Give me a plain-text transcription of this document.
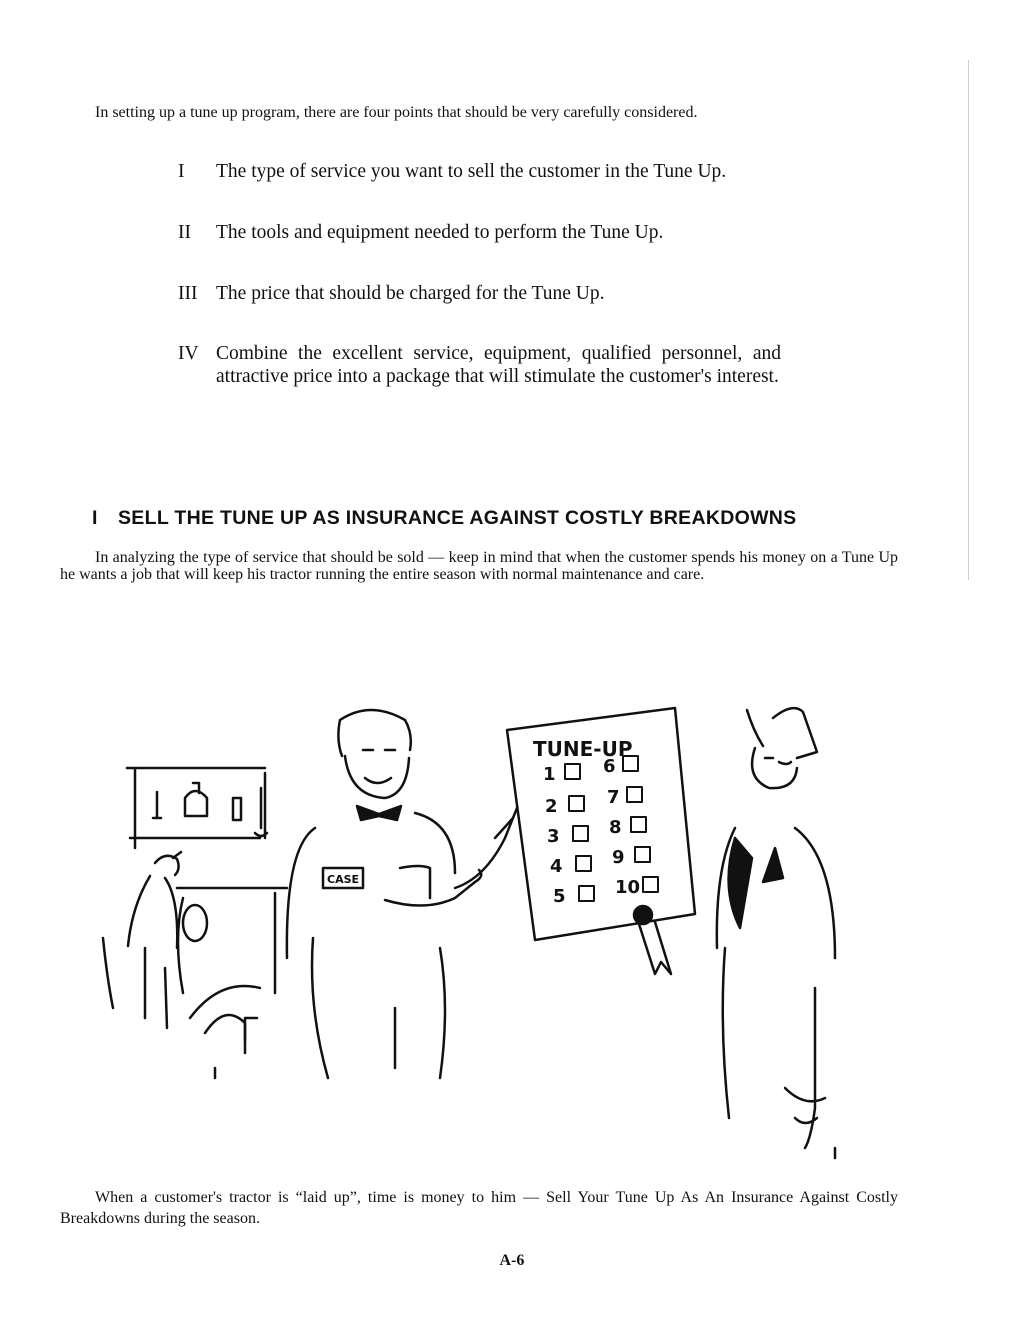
In setting up a tune up program, there are four points that should be very carefully considered.
I	The type of service you want to sell the customer in the Tune Up.
II	The tools and equipment needed to perform the Tune Up.
III The price that should be charged for the Tune Up.
IV Combine the excellent service, equipment, qualified personnel, and attractive price into a package that will stimulate the customer's interest.
I SELL THE TUNE UP AS INSURANCE AGAINST COSTLY BREAKDOWNS
In analyzing the type of service that should be sold — keep in mind that when the customer spends his money on a Tune Up he wants a job that will keep his tractor running the entire season with normal maintenance and care.
CASE
TUNE-UP
1
2
3
4
5
6
7
8
9
10
When a customer's tractor is “laid up”, time is money to him — Sell Your Tune Up As An Insurance Against Costly Breakdowns during the season.
A-6
